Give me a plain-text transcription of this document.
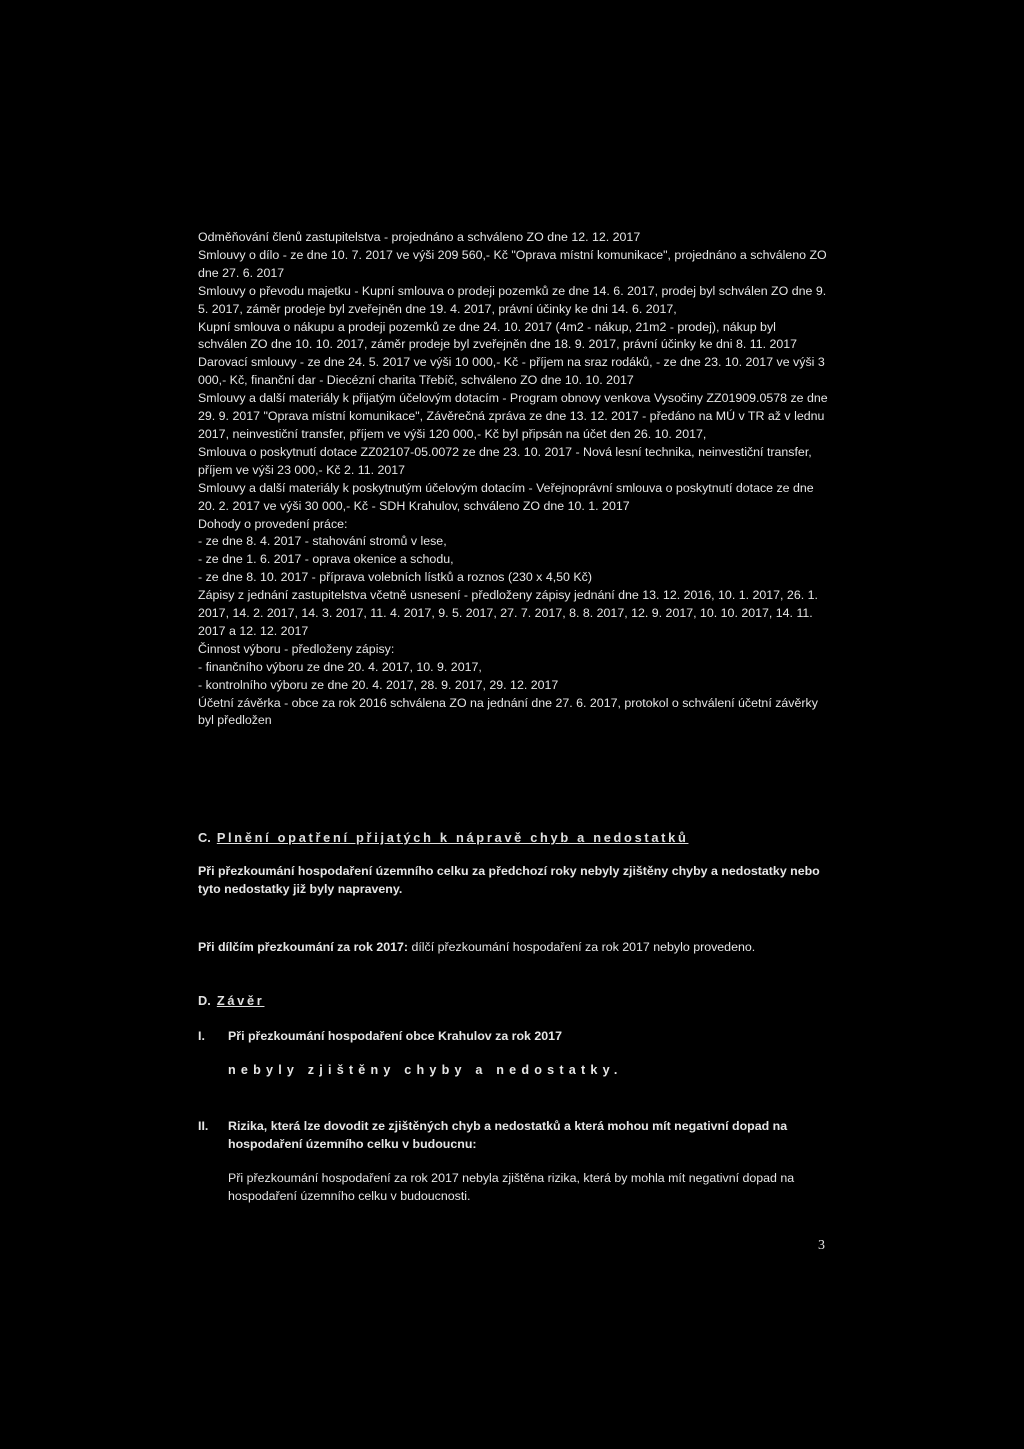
Odměňování členů zastupitelstva - projednáno a schváleno ZO dne 12. 12. 2017
Smlouvy o dílo - ze dne 10. 7. 2017 ve výši 209 560,- Kč "Oprava místní komunikace", projednáno a schváleno ZO dne 27. 6. 2017
Smlouvy o převodu majetku - Kupní smlouva o prodeji pozemků ze dne 14. 6. 2017, prodej byl schválen ZO dne 9. 5. 2017, záměr prodeje byl zveřejněn dne 19. 4. 2017, právní účinky ke dni 14. 6. 2017,
Kupní smlouva o nákupu a prodeji pozemků ze dne 24. 10. 2017 (4m2 - nákup, 21m2 - prodej), nákup byl schválen ZO dne 10. 10. 2017, záměr prodeje byl zveřejněn dne 18. 9. 2017, právní účinky ke dni 8. 11. 2017
Darovací smlouvy - ze dne 24. 5. 2017 ve výši 10 000,- Kč - příjem na sraz rodáků, - ze dne 23. 10. 2017 ve výši 3 000,- Kč, finanční dar - Diecézní charita Třebíč, schváleno ZO dne 10. 10. 2017
Smlouvy a další materiály k přijatým účelovým dotacím - Program obnovy venkova Vysočiny ZZ01909.0578 ze dne 29. 9. 2017 "Oprava místní komunikace", Závěrečná zpráva ze dne 13. 12. 2017 - předáno na MÚ v TR až v lednu 2017, neinvestiční transfer, příjem ve výši 120 000,- Kč byl připsán na účet den 26. 10. 2017,
Smlouva o poskytnutí dotace ZZ02107-05.0072 ze dne 23. 10. 2017 - Nová lesní technika, neinvestiční transfer, příjem ve výši 23 000,- Kč 2. 11. 2017
Smlouvy a další materiály k poskytnutým účelovým dotacím - Veřejnoprávní smlouva o poskytnutí dotace ze dne 20. 2. 2017 ve výši 30 000,- Kč - SDH Krahulov, schváleno ZO dne 10. 1. 2017
Dohody o provedení práce:
- ze dne 8. 4. 2017 - stahování stromů v lese,
- ze dne 1. 6. 2017 - oprava okenice a schodu,
- ze dne 8. 10. 2017 - příprava volebních lístků a roznos (230 x 4,50 Kč)
Zápisy z jednání zastupitelstva včetně usnesení - předloženy zápisy jednání dne 13. 12. 2016, 10. 1. 2017, 26. 1. 2017, 14. 2. 2017, 14. 3. 2017, 11. 4. 2017, 9. 5. 2017, 27. 7. 2017, 8. 8. 2017, 12. 9. 2017, 10. 10. 2017, 14. 11. 2017 a 12. 12. 2017
Činnost výboru - předloženy zápisy:
- finančního výboru ze dne 20. 4. 2017, 10. 9. 2017,
- kontrolního výboru ze dne 20. 4. 2017, 28. 9. 2017, 29. 12. 2017
Účetní závěrka - obce za rok 2016 schválena ZO na jednání dne 27. 6. 2017, protokol o schválení účetní závěrky byl předložen
C. Plnění opatření přijatých k nápravě chyb a nedostatků
Při přezkoumání hospodaření územního celku za předchozí roky nebyly zjištěny chyby a nedostatky nebo tyto nedostatky již byly napraveny.
Při dílčím přezkoumání za rok 2017: dílčí přezkoumání hospodaření za rok 2017 nebylo provedeno.
D. Závěr
I. Při přezkoumání hospodaření obce Krahulov za rok 2017
nebyly zjištěny chyby a nedostatky.
II. Rizika, která lze dovodit ze zjištěných chyb a nedostatků a která mohou mít negativní dopad na hospodaření územního celku v budoucnu:
Při přezkoumání hospodaření za rok 2017 nebyla zjištěna rizika, která by mohla mít negativní dopad na hospodaření územního celku v budoucnosti.
3
